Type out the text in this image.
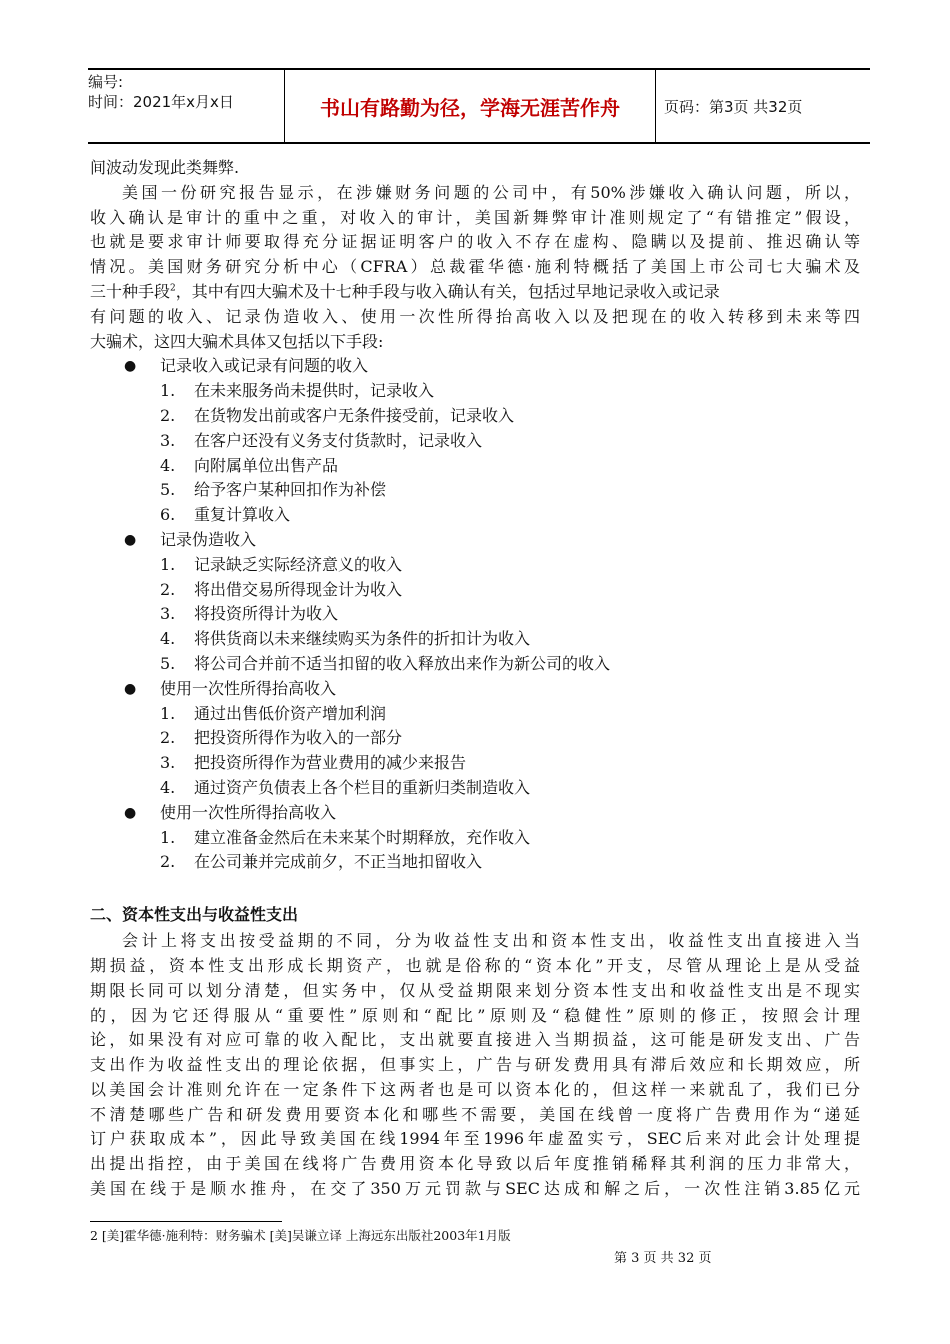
编号:
时间：2021年x月x日	书山有路勤为径，学海无涯苦作舟	页码：第3页 共32页
间波动发现此类舞弊.
美国一份研究报告显示，在涉嫌财务问题的公司中，有50%涉嫌收入确认问题，所以，
收入确认是审计的重中之重，对收入的审计，美国新舞弊审计准则规定了“有错推定”假设，
也就是要求审计师要取得充分证据证明客户的收入不存在虚构、隐瞒以及提前、推迟确认等
情况。美国财务研究分析中心（CFRA）总裁霍华德·施利特概括了美国上市公司七大骗术及
三十种手段$^2$，其中有四大骗术及十七种手段与收入确认有关，包括过早地记录收入或记录
有问题的收入、记录伪造收入、使用一次性所得抬高收入以及把现在的收入转移到未来等四
大骗术，这四大骗术具体又包括以下手段:
●	记录收入或记录有问题的收入
1.	在未来服务尚未提供时，记录收入
2.	在货物发出前或客户无条件接受前，记录收入
3.	在客户还没有义务支付货款时，记录收入
4.	向附属单位出售产品
5.	给予客户某种回扣作为补偿
6.	重复计算收入
●	记录伪造收入
1.	记录缺乏实际经济意义的收入
2.	将出借交易所得现金计为收入
3.	将投资所得计为收入
4.	将供货商以未来继续购买为条件的折扣计为收入
5.	将公司合并前不适当扣留的收入释放出来作为新公司的收入
●	使用一次性所得抬高收入
1.	通过出售低价资产增加利润
2.	把投资所得作为收入的一部分
3.	把投资所得作为营业费用的减少来报告
4.	通过资产负债表上各个栏目的重新归类制造收入
●	使用一次性所得抬高收入
1.	建立准备金然后在未来某个时期释放，充作收入
2.	在公司兼并完成前夕，不正当地扣留收入
二、资本性支出与收益性支出
会计上将支出按受益期的不同，分为收益性支出和资本性支出，收益性支出直接进入当
期损益，资本性支出形成长期资产，也就是俗称的“资本化”开支，尽管从理论上是从受益
期限长同可以划分清楚，但实务中，仅从受益期限来划分资本性支出和收益性支出是不现实
的，因为它还得服从“重要性”原则和“配比”原则及“稳健性”原则的修正，按照会计理
论，如果没有对应可靠的收入配比，支出就要直接进入当期损益，这可能是研发支出、广告
支出作为收益性支出的理论依据，但事实上，广告与研发费用具有滞后效应和长期效应，所
以美国会计准则允许在一定条件下这两者也是可以资本化的，但这样一来就乱了，我们已分
不清楚哪些广告和研发费用要资本化和哪些不需要，美国在线曾一度将广告费用作为“递延
订户获取成本”，因此导致美国在线1994年至1996年虚盈实亏，SEC后来对此会计处理提
出提出指控，由于美国在线将广告费用资本化导致以后年度推销稀释其利润的压力非常大，
美国在线于是顺水推舟，在交了350万元罚款与SEC达成和解之后，一次性注销3.85亿元
2 [美]霍华德·施利特：财务骗术 [美]吴谦立译 上海远东出版社2003年1月版
第 3 页 共 32 页
